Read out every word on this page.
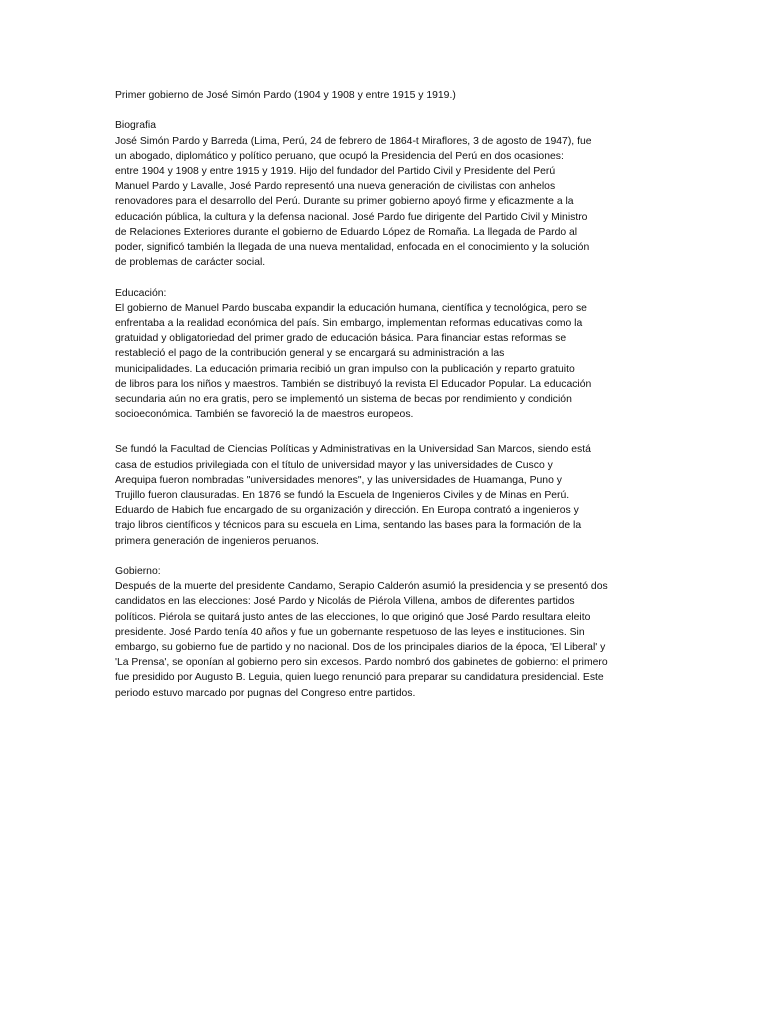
Primer gobierno de José Simón Pardo (1904 y 1908 y entre 1915 y 1919.)
Biografia
José Simón Pardo y Barreda (Lima, Perú, 24 de febrero de 1864-t Miraflores, 3 de agosto de 1947), fue
un abogado, diplomático y político peruano, que ocupó la Presidencia del Perú en dos ocasiones:
entre 1904 y 1908 y entre 1915 y 1919. Hijo del fundador del Partido Civil y Presidente del Perú
Manuel Pardo y Lavalle, José Pardo representó una nueva generación de civilistas con anhelos
renovadores para el desarrollo del Perú. Durante su primer gobierno apoyó firme y eficazmente a la
educación pública, la cultura y la defensa nacional. José Pardo fue dirigente del Partido Civil y Ministro
de Relaciones Exteriores durante el gobierno de Eduardo López de Romaña. La llegada de Pardo al
poder, significó también la llegada de una nueva mentalidad, enfocada en el conocimiento y la solución
de problemas de carácter social.
Educación:
El gobierno de Manuel Pardo buscaba expandir la educación humana, científica y tecnológica, pero se
enfrentaba a la realidad económica del país. Sin embargo, implementan reformas educativas como la
gratuidad y obligatoriedad del primer grado de educación básica. Para financiar estas reformas se
restableció el pago de la contribución general y se encargará su administración a las
municipalidades. La educación primaria recibió un gran impulso con la publicación y reparto gratuito
de libros para los niños y maestros. También se distribuyó la revista El Educador Popular. La educación
secundaria aún no era gratis, pero se implementó un sistema de becas por rendimiento y condición
socioeconómica. También se favoreció la de maestros europeos.
Se fundó la Facultad de Ciencias Políticas y Administrativas en la Universidad San Marcos, siendo está
casa de estudios privilegiada con el título de universidad mayor y las universidades de Cusco y
Arequipa fueron nombradas "universidades menores", y las universidades de Huamanga, Puno y
Trujillo fueron clausuradas. En 1876 se fundó la Escuela de Ingenieros Civiles y de Minas en Perú.
Eduardo de Habich fue encargado de su organización y dirección. En Europa contrató a ingenieros y
trajo libros científicos y técnicos para su escuela en Lima, sentando las bases para la formación de la
primera generación de ingenieros peruanos.
Gobierno:
Después de la muerte del presidente Candamo, Serapio Calderón asumió la presidencia y se presentó dos
candidatos en las elecciones: José Pardo y Nicolás de Piérola Villena, ambos de diferentes partidos
políticos. Piérola se quitará justo antes de las elecciones, lo que originó que José Pardo resultara eleito
presidente. José Pardo tenía 40 años y fue un gobernante respetuoso de las leyes e instituciones. Sin
embargo, su gobierno fue de partido y no nacional. Dos de los principales diarios de la época, 'El Liberal' y
'La Prensa', se oponían al gobierno pero sin excesos. Pardo nombró dos gabinetes de gobierno: el primero
fue presidido por Augusto B. Leguia, quien luego renunció para preparar su candidatura presidencial. Este
periodo estuvo marcado por pugnas del Congreso entre partidos.
